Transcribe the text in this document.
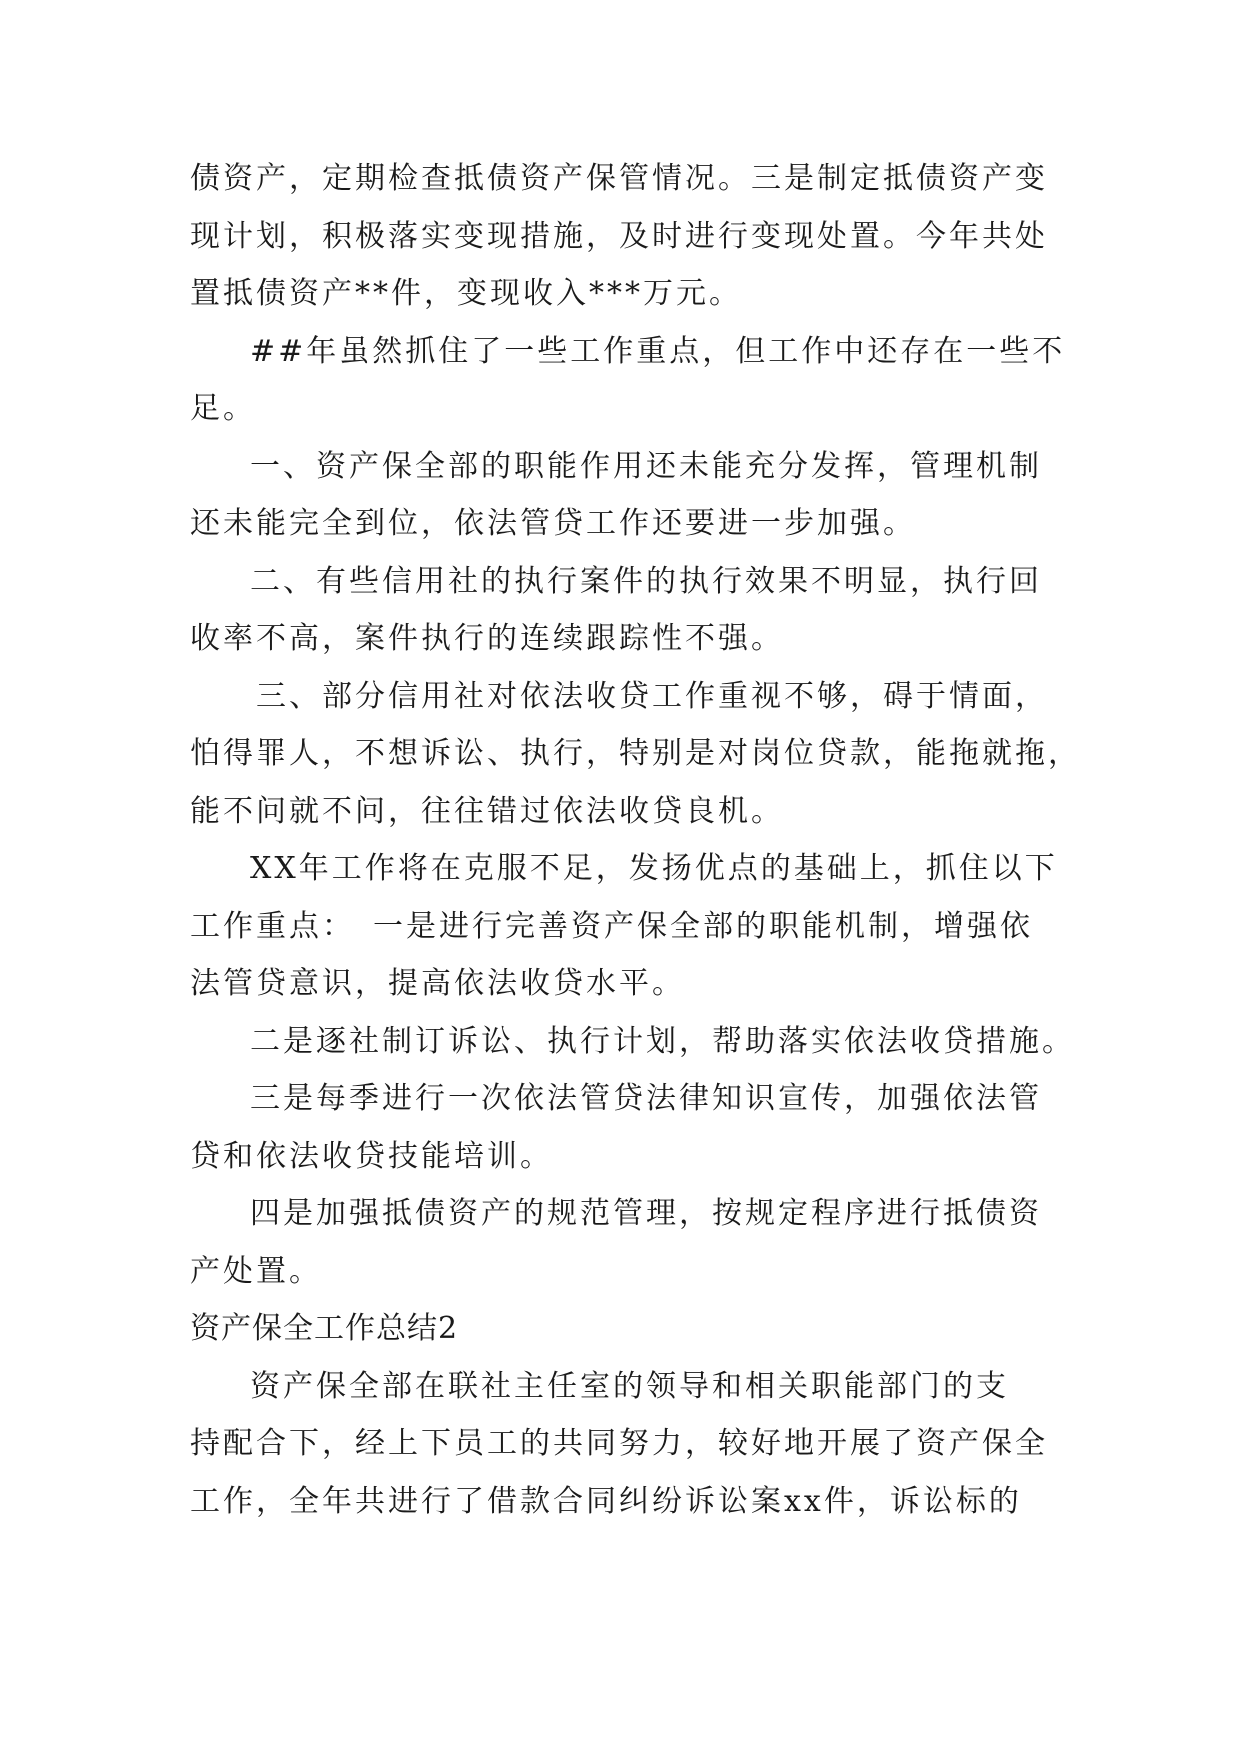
债资产，定期检查抵债资产保管情况。三是制定抵债资产变
现计划，积极落实变现措施，及时进行变现处置。今年共处
置抵债资产**件，变现收入***万元。
##年虽然抓住了一些工作重点，但工作中还存在一些不
足。
一、资产保全部的职能作用还未能充分发挥，管理机制
还未能完全到位，依法管贷工作还要进一步加强。
二、有些信用社的执行案件的执行效果不明显，执行回
收率不高，案件执行的连续跟踪性不强。
三、部分信用社对依法收贷工作重视不够，碍于情面，
怕得罪人，不想诉讼、执行，特别是对岗位贷款，能拖就拖，
能不问就不问，往往错过依法收贷良机。
XX年工作将在克服不足，发扬优点的基础上，抓住以下
工作重点：　一是进行完善资产保全部的职能机制，增强依
法管贷意识，提高依法收贷水平。
二是逐社制订诉讼、执行计划，帮助落实依法收贷措施。
三是每季进行一次依法管贷法律知识宣传，加强依法管
贷和依法收贷技能培训。
四是加强抵债资产的规范管理，按规定程序进行抵债资
产处置。
资产保全工作总结2
资产保全部在联社主任室的领导和相关职能部门的支
持配合下，经上下员工的共同努力，较好地开展了资产保全
工作，全年共进行了借款合同纠纷诉讼案xx件，诉讼标的
